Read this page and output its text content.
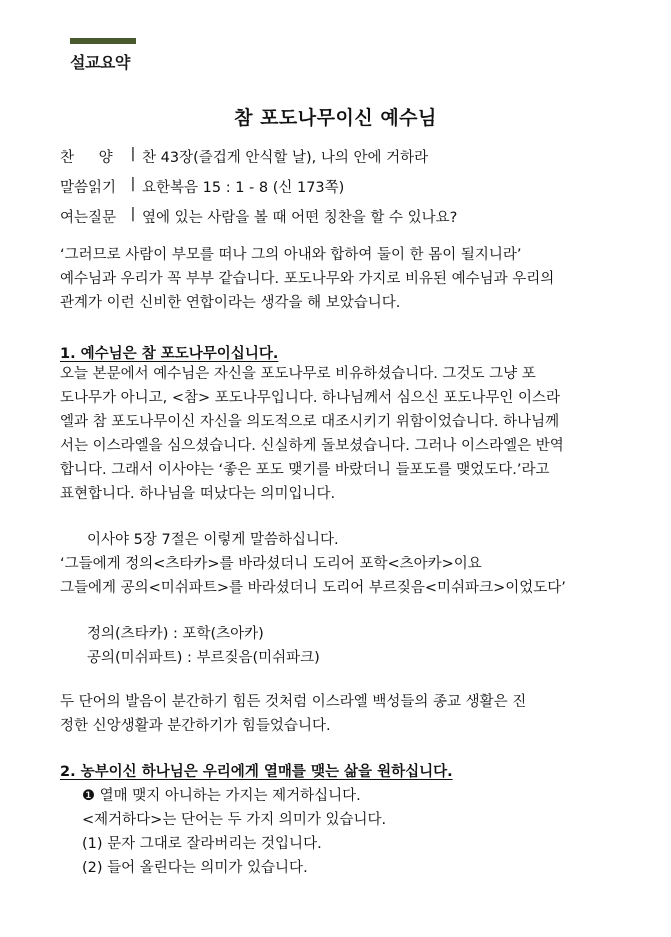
설교요약
참 포도나무이신 예수님
찬 양 | 찬 43장(즐겁게 안식할 날), 나의 안에 거하라
말씀읽기	| 요한복음 15 : 1 - 8 (신 173쪽)
여는질문	| 옆에 있는 사람을 볼 때 어떤 칭찬을 할 수 있나요?
‘그러므로 사람이 부모를 떠나 그의 아내와 합하여 둘이 한 몸이 될지니라’
예수님과 우리가 꼭 부부 같습니다. 포도나무와 가지로 비유된 예수님과 우리의
관계가 이런 신비한 연합이라는 생각을 해 보았습니다.
1. 예수님은 참 포도나무이십니다.
오늘 본문에서 예수님은 자신을 포도나무로 비유하셨습니다. 그것도 그냥 포
도나무가 아니고, <참> 포도나무입니다. 하나님께서 심으신 포도나무인 이스라
엘과 참 포도나무이신 자신을 의도적으로 대조시키기 위함이었습니다. 하나님께
서는 이스라엘을 심으셨습니다. 신실하게 돌보셨습니다. 그러나 이스라엘은 반역
합니다. 그래서 이사야는 ‘좋은 포도 맺기를 바랐더니 들포도를 맺었도다.’라고
표현합니다. 하나님을 떠났다는 의미입니다.
이사야 5장 7절은 이렇게 말씀하십니다.
‘그들에게 정의<츠타카>를 바라셨더니 도리어 포학<츠아카>이요
그들에게 공의<미쉬파트>를 바라셨더니 도리어 부르짖음<미쉬파크>이었도다’
정의(츠타카) : 포학(츠아카)
공의(미쉬파트) : 부르짖음(미쉬파크)
두 단어의 발음이 분간하기 힘든 것처럼 이스라엘 백성들의 종교 생활은 진
정한 신앙생활과 분간하기가 힘들었습니다.
2. 농부이신 하나님은 우리에게 열매를 맺는 삶을 원하십니다.
❶ 열매 맺지 아니하는 가지는 제거하십니다.
<제거하다>는 단어는 두 가지 의미가 있습니다.
(1) 문자 그대로 잘라버리는 것입니다.
(2) 들어 올린다는 의미가 있습니다.
